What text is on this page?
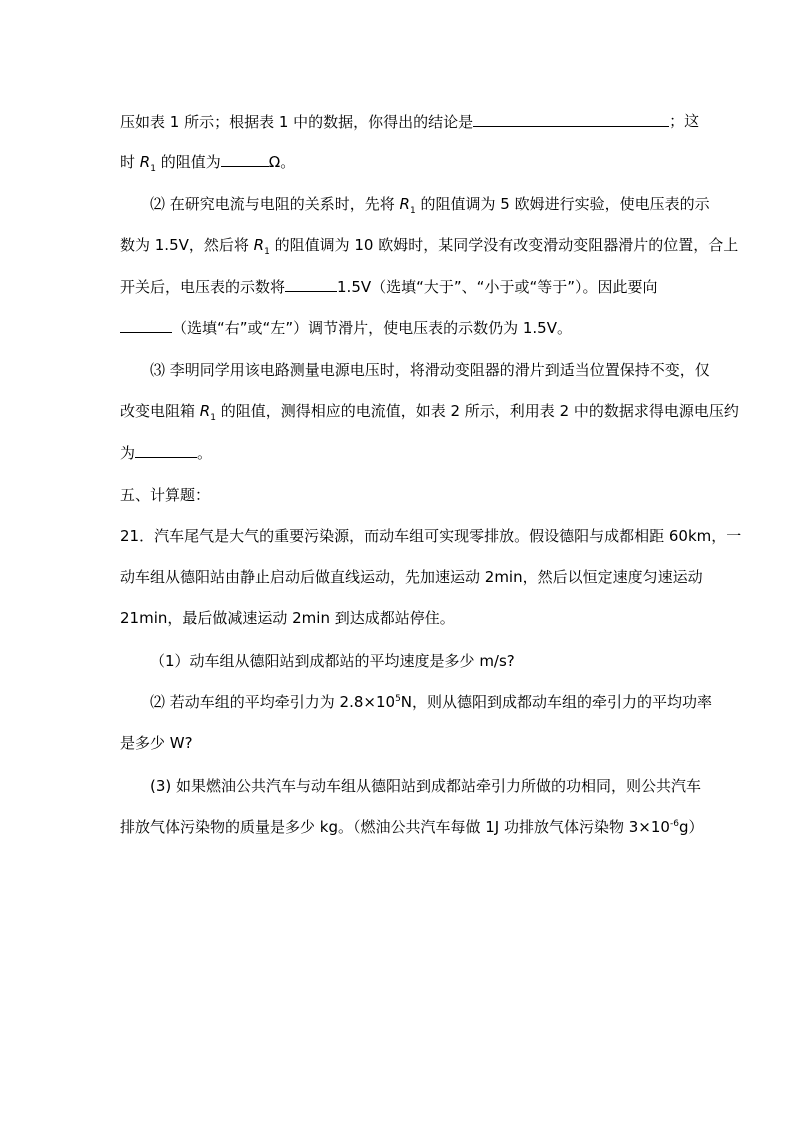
压如表 1 所示；根据表 1 中的数据，你得出的结论是	；这
时 $R_1$ 的阻值为	Ω。
⑵ 在研究电流与电阻的关系时，先将 $R_1$ 的阻值调为 5 欧姆进行实验，使电压表的示
数为 1.5V，然后将 $R_1$ 的阻值调为 10 欧姆时，某同学没有改变滑动变阻器滑片的位置，合上
开关后，电压表的示数将	1.5V（选填“大于”、“小于或“等于”）。因此要向
（选填“右”或“左”）调节滑片，使电压表的示数仍为 1.5V。
⑶ 李明同学用该电路测量电源电压时，将滑动变阻器的滑片到适当位置保持不变，仅
改变电阻箱 $R_1$ 的阻值，测得相应的电流值，如表 2 所示，利用表 2 中的数据求得电源电压约
为	。
五、计算题：
21．汽车尾气是大气的重要污染源，而动车组可实现零排放。假设德阳与成都相距 60km，一
动车组从德阳站由静止启动后做直线运动，先加速运动 2min，然后以恒定速度匀速运动
21min，最后做减速运动 2min 到达成都站停住。
（1）动车组从德阳站到成都站的平均速度是多少 m/s?
⑵ 若动车组的平均牵引力为 $2.8\times 10^5N$，则从德阳到成都动车组的牵引力的平均功率
是多少 W?
(3) 如果燃油公共汽车与动车组从德阳站到成都站牵引力所做的功相同，则公共汽车
排放气体污染物的质量是多少 kg。（燃油公共汽车每做 1J 功排放气体污染物 $3\times 10^{-6}g$）
